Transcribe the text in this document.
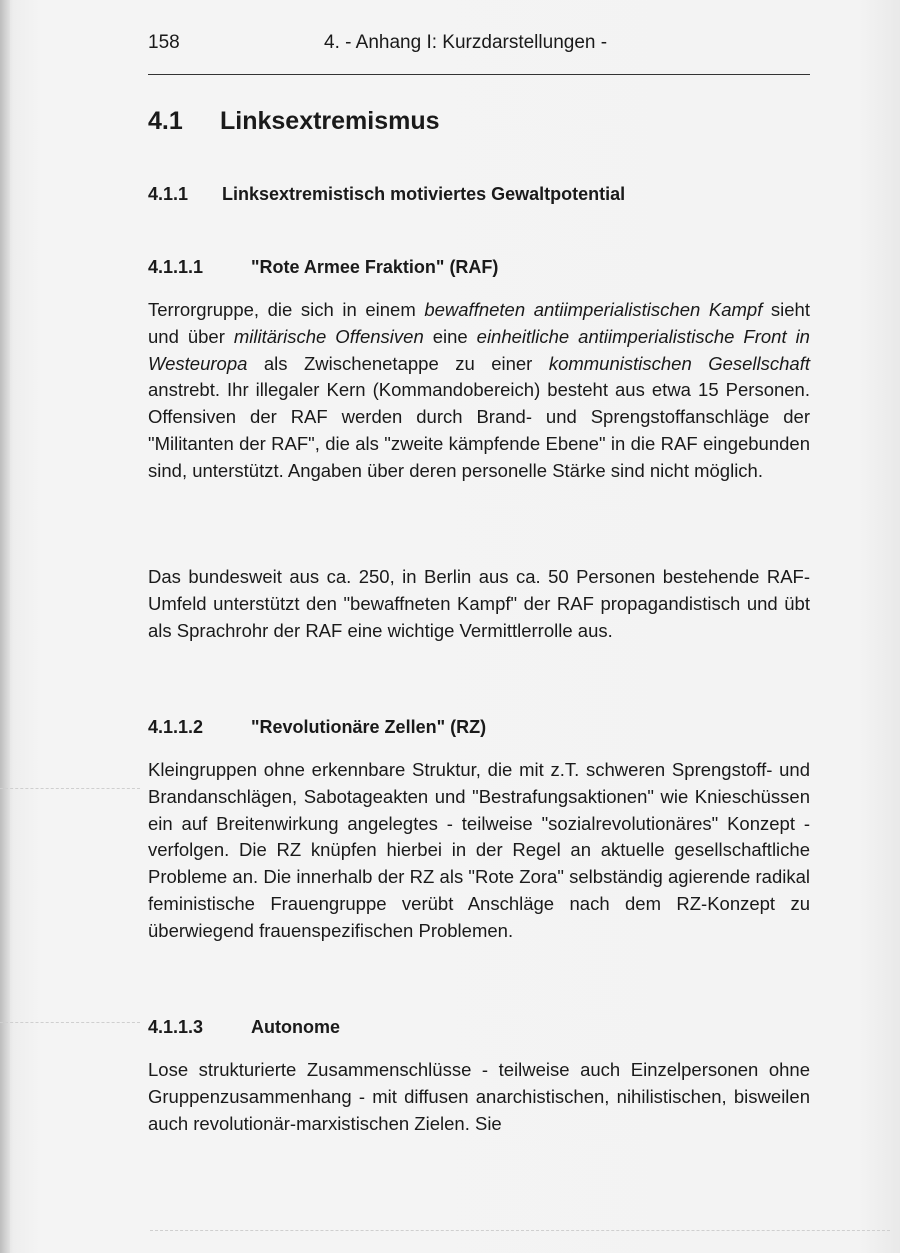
158	4. - Anhang I: Kurzdarstellungen -
4.1 Linksextremismus
4.1.1 Linksextremistisch motiviertes Gewaltpotential
4.1.1.1	"Rote Armee Fraktion" (RAF)

Terrorgruppe, die sich in einem bewaffneten antiimperialistischen Kampf sieht und über militärische Offensiven eine einheitliche antiimperialistische Front in Westeuropa als Zwischenetappe zu einer kommunistischen Gesellschaft anstrebt. Ihr illegaler Kern (Kommandobereich) besteht aus etwa 15 Personen. Offensiven der RAF werden durch Brand- und Sprengstoffanschläge der "Militanten der RAF", die als "zweite kämpfende Ebene" in die RAF eingebunden sind, unterstützt. Angaben über deren personelle Stärke sind nicht möglich.

Das bundesweit aus ca. 250, in Berlin aus ca. 50 Personen bestehende RAF-Umfeld unterstützt den "bewaffneten Kampf" der RAF propagandistisch und übt als Sprachrohr der RAF eine wichtige Vermittlerrolle aus.

4.1.1.2	"Revolutionäre Zellen" (RZ)

Kleingruppen ohne erkennbare Struktur, die mit z.T. schweren Sprengstoff- und Brandanschlägen, Sabotageakten und "Bestrafungsaktionen" wie Knieschüssen ein auf Breitenwirkung angelegtes - teilweise "sozialrevolutionäres" Konzept - verfolgen. Die RZ knüpfen hierbei in der Regel an aktuelle gesellschaftliche Probleme an. Die innerhalb der RZ als "Rote Zora" selbständig agierende radikal feministische Frauengruppe verübt Anschläge nach dem RZ-Konzept zu überwiegend frauenspezifischen Problemen.

4.1.1.3	Autonome

Lose strukturierte Zusammenschlüsse - teilweise auch Einzelpersonen ohne Gruppenzusammenhang - mit diffusen anarchistischen, nihilistischen, bisweilen auch revolutionär-marxistischen Zielen. Sie
